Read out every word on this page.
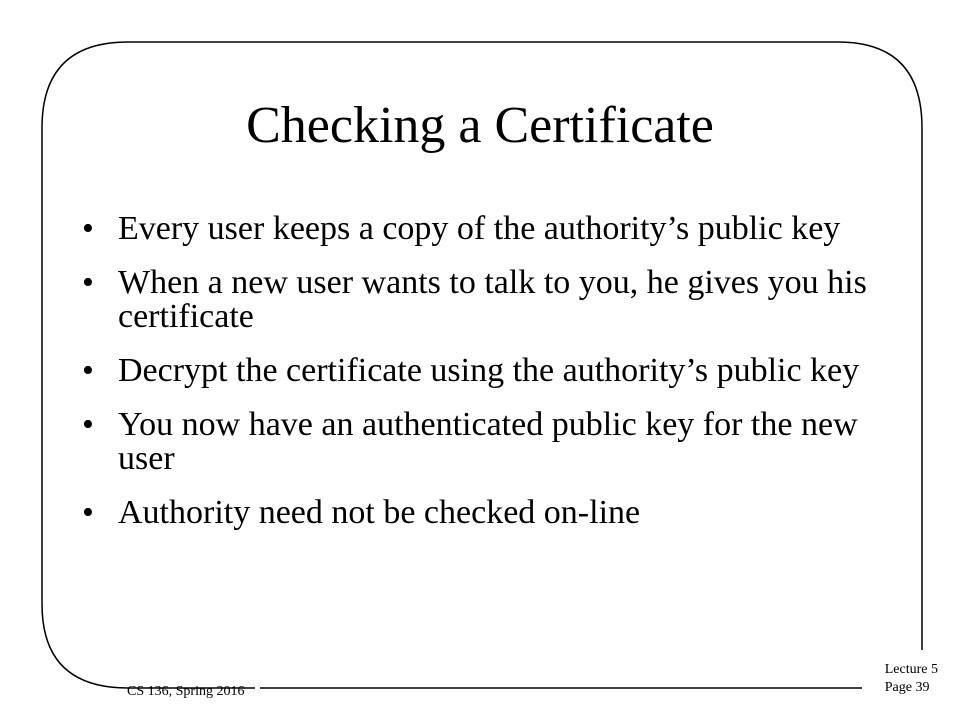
Checking a Certificate
• Every user keeps a copy of the authority’s public key
• When a new user wants to talk to you, he gives you his certificate
• Decrypt the certificate using the authority’s public key
• You now have an authenticated public key for the new user
• Authority need not be checked on-line
CS 136, Spring 2016
Lecture 5
Page 39
